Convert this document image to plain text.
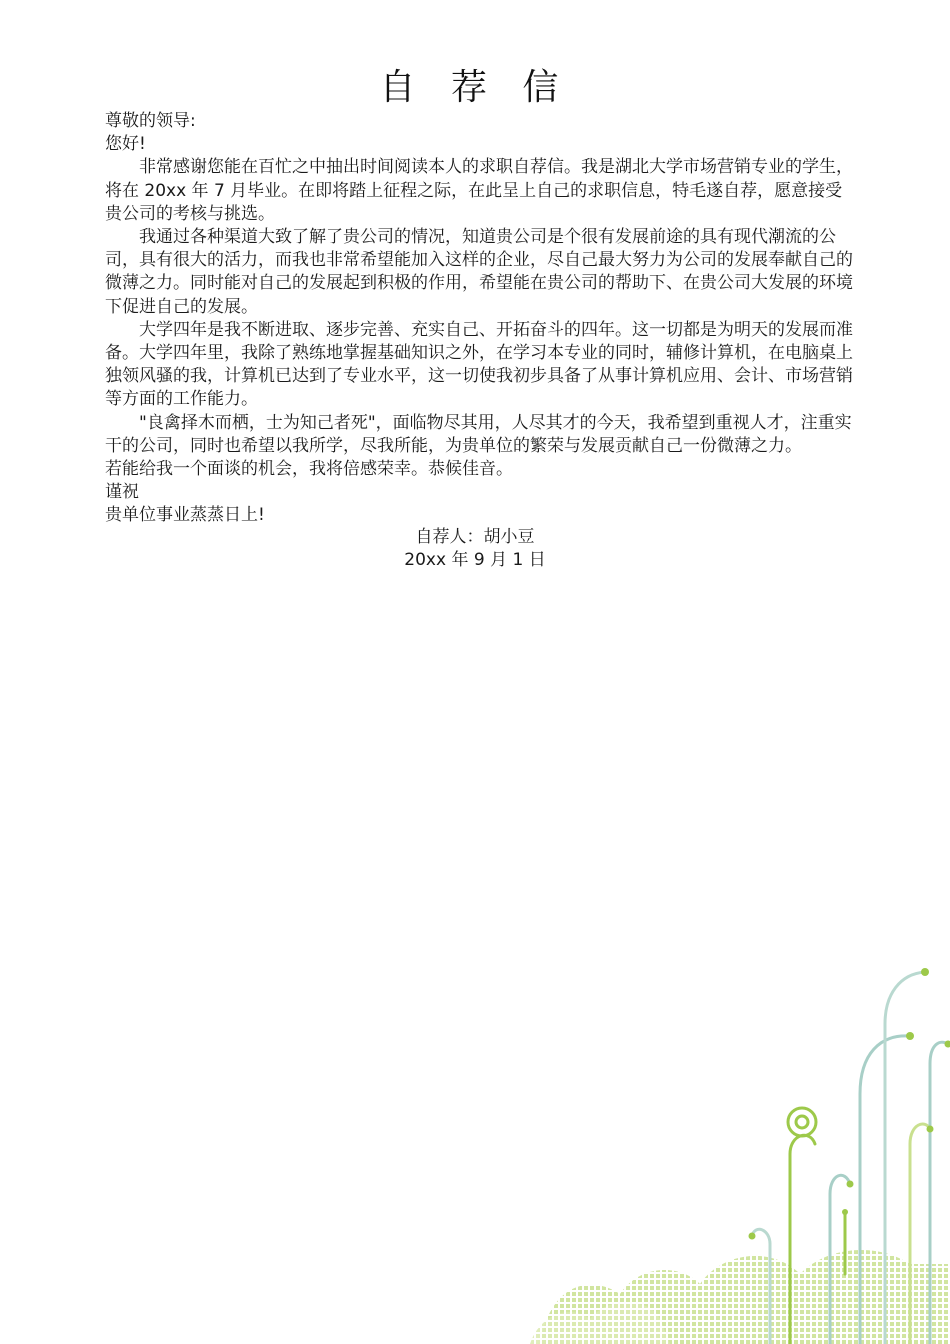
自 荐 信

尊敬的领导:

您好!

非常感谢您能在百忙之中抽出时间阅读本人的求职自荐信。我是湖北大学市场营销专业的学生，将在 20xx 年 7 月毕业。在即将踏上征程之际，在此呈上自己的求职信息，特毛遂自荐，愿意接受贵公司的考核与挑选。

我通过各种渠道大致了解了贵公司的情况，知道贵公司是个很有发展前途的具有现代潮流的公司，具有很大的活力，而我也非常希望能加入这样的企业，尽自己最大努力为公司的发展奉献自己的微薄之力。同时能对自己的发展起到积极的作用，希望能在贵公司的帮助下、在贵公司大发展的环境下促进自己的发展。

大学四年是我不断进取、逐步完善、充实自己、开拓奋斗的四年。这一切都是为明天的发展而准备。大学四年里，我除了熟练地掌握基础知识之外，在学习本专业的同时，辅修计算机，在电脑桌上独领风骚的我，计算机已达到了专业水平，这一切使我初步具备了从事计算机应用、会计、市场营销等方面的工作能力。

"良禽择木而栖，士为知己者死"，面临物尽其用，人尽其才的今天，我希望到重视人才，注重实干的公司，同时也希望以我所学，尽我所能，为贵单位的繁荣与发展贡献自己一份微薄之力。

若能给我一个面谈的机会，我将倍感荣幸。恭候佳音。

谨祝

贵单位事业蒸蒸日上!

自荐人：胡小豆
20xx 年 9 月 1 日
